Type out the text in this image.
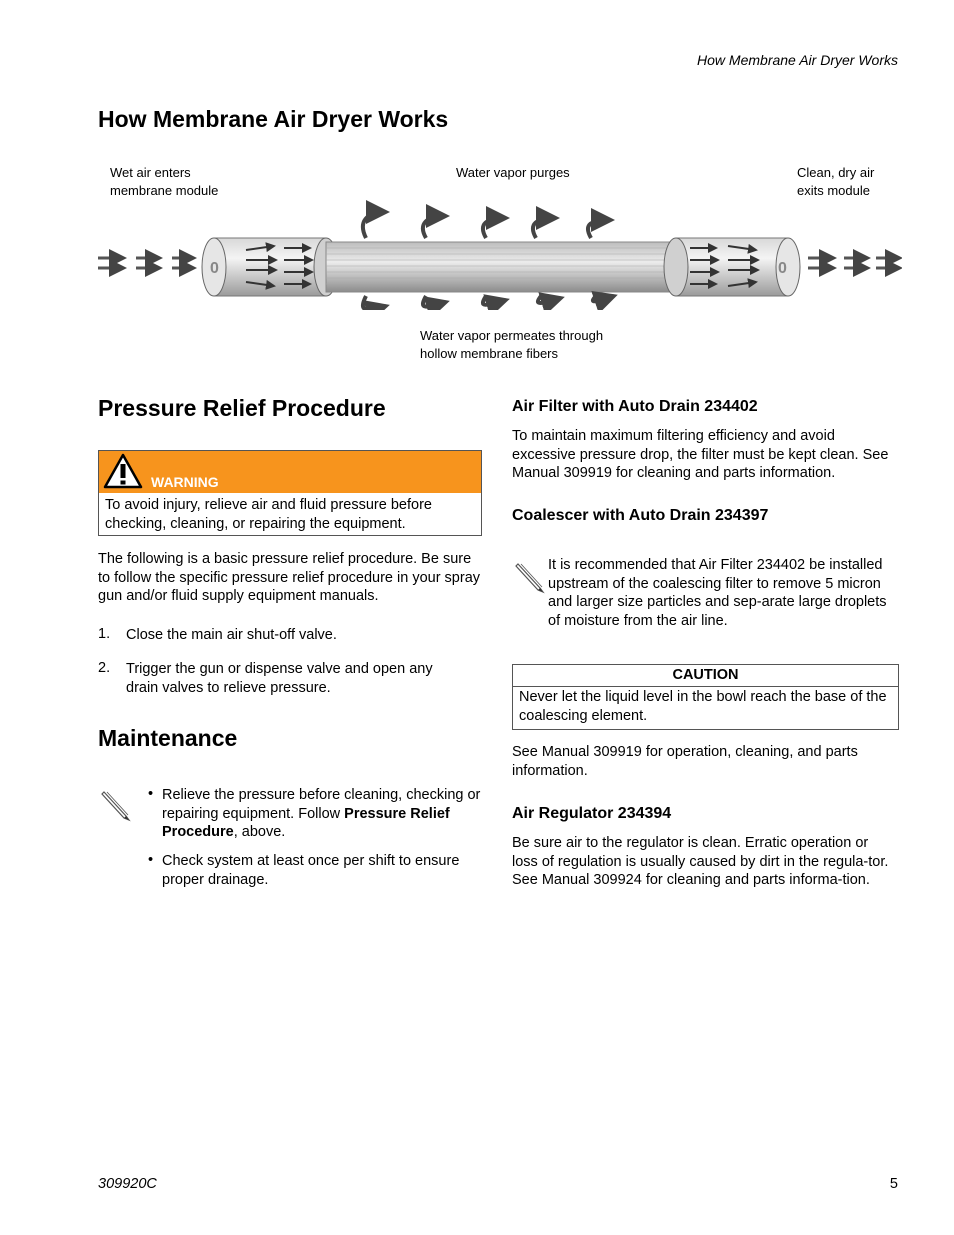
How Membrane Air Dryer Works
How Membrane Air Dryer Works
Wet air enters
membrane module
Water vapor purges	Clean, dry air
exits module
Water vapor permeates through
hollow membrane fibers
0	0
Pressure Relief Procedure
WARNING
To avoid injury, relieve air and fluid pressure before checking, cleaning, or repairing the equipment.

The following is a basic pressure relief procedure. Be sure to follow the specific pressure relief procedure in your spray gun and/or fluid supply equipment manuals.

1. Close the main air shut-off valve.
2. Trigger the gun or dispense valve and open any drain valves to relieve pressure.
Maintenance
• Relieve the pressure before cleaning, checking or repairing equipment. Follow Pressure Relief Procedure, above.
• Check system at least once per shift to ensure proper drainage.
Air Filter with Auto Drain 234402

To maintain maximum filtering efficiency and avoid excessive pressure drop, the filter must be kept clean. See Manual 309919 for cleaning and parts information.

Coalescer with Auto Drain 234397

It is recommended that Air Filter 234402 be installed upstream of the coalescing filter to remove 5 micron and larger size particles and sep-arate large droplets of moisture from the air line.

CAUTION
Never let the liquid level in the bowl reach the base of the coalescing element.

See Manual 309919 for operation, cleaning, and parts information.

Air Regulator 234394

Be sure air to the regulator is clean. Erratic operation or loss of regulation is usually caused by dirt in the regula-tor. See Manual 309924 for cleaning and parts informa-tion.

309920C	5
